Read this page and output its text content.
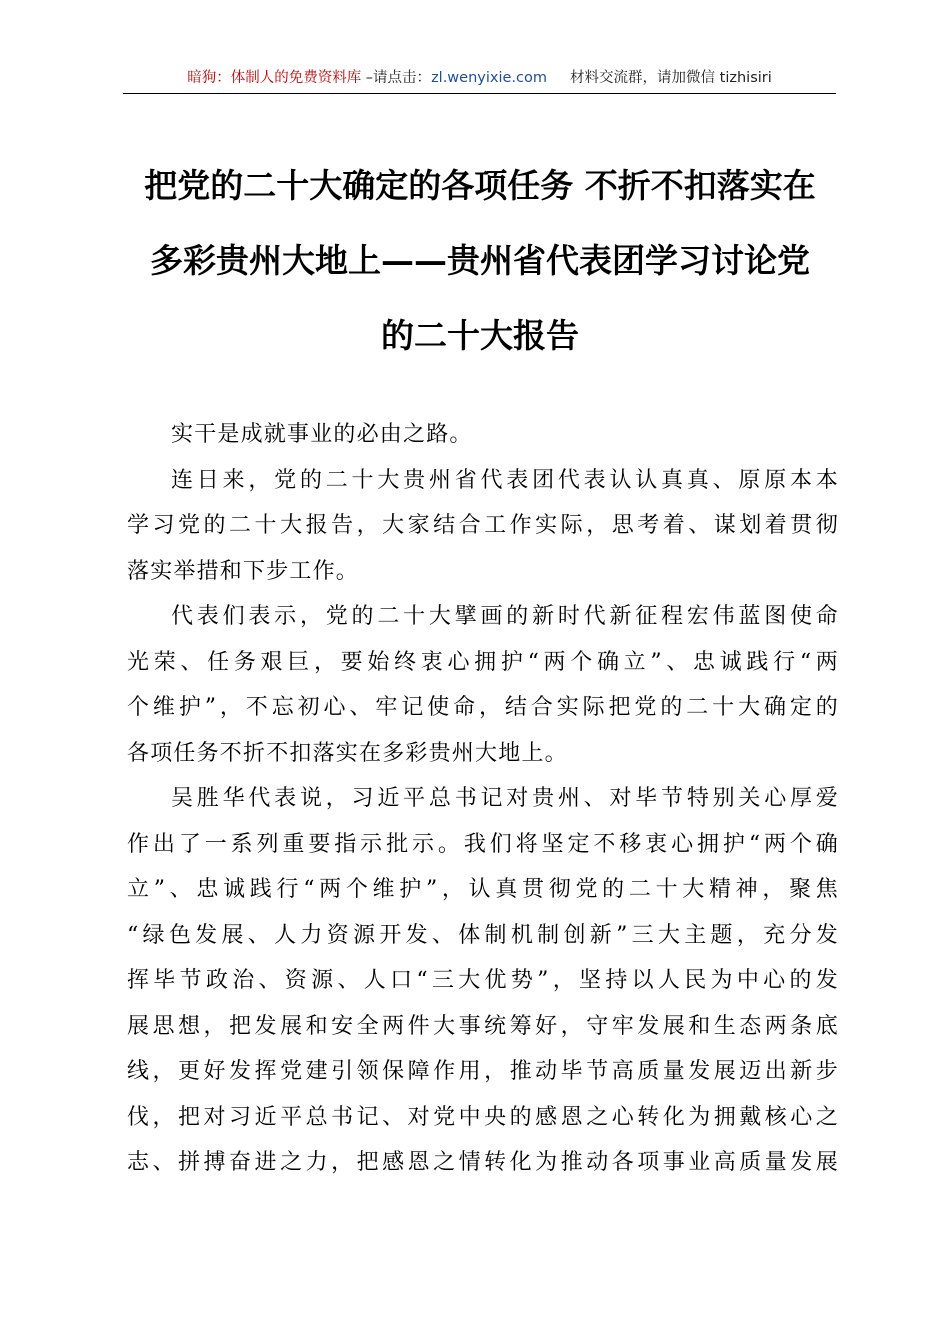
暗狗：体制人的免费资料库 –请点击：zl.wenyixie.com 材料交流群，请加微信 tizhisiri
把党的二十大确定的各项任务 不折不扣落实在
多彩贵州大地上——贵州省代表团学习讨论党
的二十大报告

实干是成就事业的必由之路。

连日来，党的二十大贵州省代表团代表认认真真、原原本本
学习党的二十大报告，大家结合工作实际，思考着、谋划着贯彻
落实举措和下步工作。

代表们表示，党的二十大擘画的新时代新征程宏伟蓝图使命
光荣、任务艰巨，要始终衷心拥护“两个确立”、忠诚践行“两
个维护”，不忘初心、牢记使命，结合实际把党的二十大确定的
各项任务不折不扣落实在多彩贵州大地上。

吴胜华代表说，习近平总书记对贵州、对毕节特别关心厚爱
作出了一系列重要指示批示。我们将坚定不移衷心拥护“两个确
立”、忠诚践行“两个维护”，认真贯彻党的二十大精神，聚焦
“绿色发展、人力资源开发、体制机制创新”三大主题，充分发
挥毕节政治、资源、人口“三大优势”，坚持以人民为中心的发
展思想，把发展和安全两件大事统筹好，守牢发展和生态两条底
线，更好发挥党建引领保障作用，推动毕节高质量发展迈出新步
伐，把对习近平总书记、对党中央的感恩之心转化为拥戴核心之
志、拼搏奋进之力，把感恩之情转化为推动各项事业高质量发展
